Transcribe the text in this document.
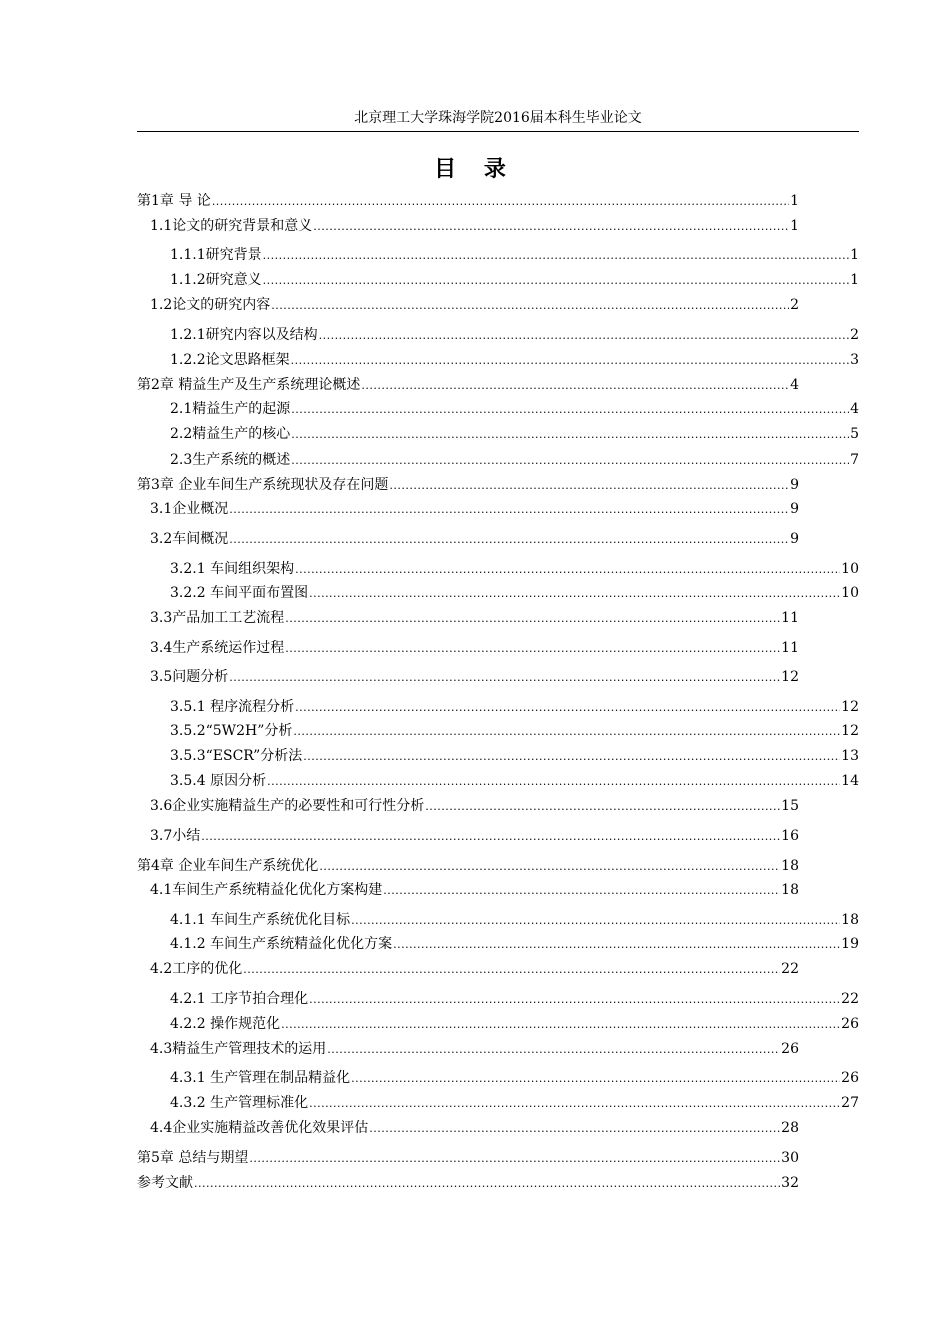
北京理工大学珠海学院2016届本科生毕业论文
目 录
第1章 导 论 .....	1
1.1论文的研究背景和意义 .....	1
1.1.1研究背景 .....	1
1.1.2研究意义 .....	1
1.2论文的研究内容 .....	2
1.2.1研究内容以及结构 .....	2
1.2.2论文思路框架 .....	3
第2章 精益生产及生产系统理论概述 .....	4
2.1精益生产的起源 .....	4
2.2精益生产的核心 .....	5
2.3生产系统的概述 .....	7
第3章 企业车间生产系统现状及存在问题 .....	9
3.1企业概况 .....	9
3.2车间概况 .....	9
3.2.1 车间组织架构 .....	10
3.2.2 车间平面布置图 .....	10
3.3产品加工工艺流程 .....	11
3.4生产系统运作过程 .....	11
3.5问题分析 .....	12
3.5.1 程序流程分析 .....	12
3.5.2“5W2H”分析 .....	12
3.5.3“ESCR”分析法 .....	13
3.5.4 原因分析 .....	14
3.6企业实施精益生产的必要性和可行性分析 .....	15
3.7小结 .....	16
第4章 企业车间生产系统优化 .....	18
4.1车间生产系统精益化优化方案构建 .....	18
4.1.1 车间生产系统优化目标 .....	18
4.1.2 车间生产系统精益化优化方案 .....	19
4.2工序的优化 .....	22
4.2.1 工序节拍合理化 .....	22
4.2.2 操作规范化 .....	26
4.3精益生产管理技术的运用 .....	26
4.3.1 生产管理在制品精益化 .....	26
4.3.2 生产管理标准化 .....	27
4.4企业实施精益改善优化效果评估 .....	28
第5章 总结与期望 .....	30
参考文献 .....	32
